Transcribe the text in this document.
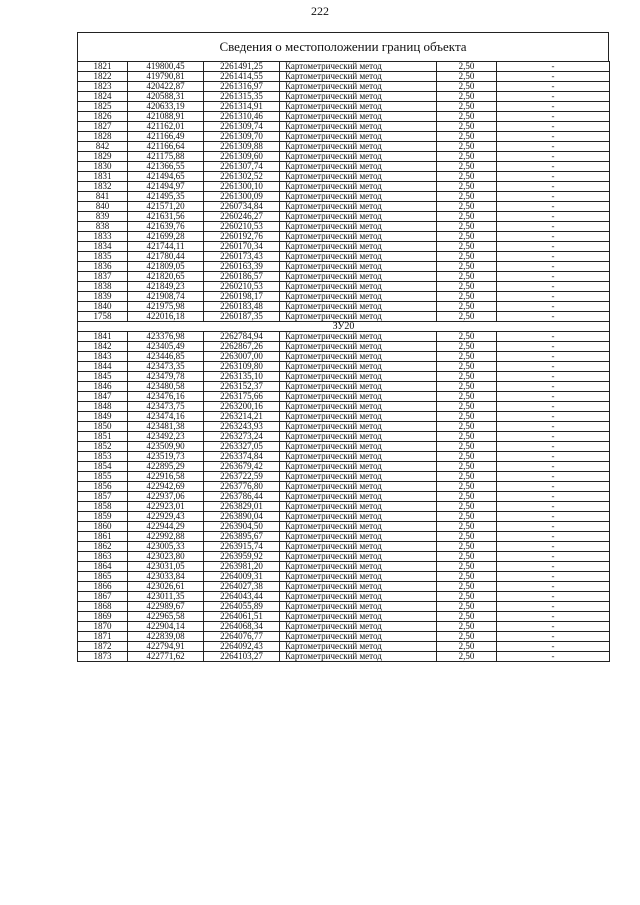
222
Сведения о местоположении границ объекта
1821	419800,45	2261491,25	Картометрический метод	2,50	-
1822	419790,81	2261414,55	Картометрический метод	2,50	-
1823	420422,87	2261316,97	Картометрический метод	2,50	-
1824	420588,31	2261315,35	Картометрический метод	2,50	-
1825	420633,19	2261314,91	Картометрический метод	2,50	-
1826	421088,91	2261310,46	Картометрический метод	2,50	-
1827	421162,01	2261309,74	Картометрический метод	2,50	-
1828	421166,49	2261309,70	Картометрический метод	2,50	-
842	421166,64	2261309,88	Картометрический метод	2,50	-
1829	421175,88	2261309,60	Картометрический метод	2,50	-
1830	421366,55	2261307,74	Картометрический метод	2,50	-
1831	421494,65	2261302,52	Картометрический метод	2,50	-
1832	421494,97	2261300,10	Картометрический метод	2,50	-
841	421495,35	2261300,09	Картометрический метод	2,50	-
840	421571,20	2260734,84	Картометрический метод	2,50	-
839	421631,56	2260246,27	Картометрический метод	2,50	-
838	421639,76	2260210,53	Картометрический метод	2,50	-
1833	421699,28	2260192,76	Картометрический метод	2,50	-
1834	421744,11	2260170,34	Картометрический метод	2,50	-
1835	421780,44	2260173,43	Картометрический метод	2,50	-
1836	421809,05	2260163,39	Картометрический метод	2,50	-
1837	421820,65	2260186,57	Картометрический метод	2,50	-
1838	421849,23	2260210,53	Картометрический метод	2,50	-
1839	421908,74	2260198,17	Картометрический метод	2,50	-
1840	421975,98	2260183,48	Картометрический метод	2,50	-
1758	422016,18	2260187,35	Картометрический метод	2,50	-
ЗУ20					
1841	423376,98	2262784,94	Картометрический метод	2,50	-
1842	423405,49	2262867,26	Картометрический метод	2,50	-
1843	423446,85	2263007,00	Картометрический метод	2,50	-
1844	423473,35	2263109,80	Картометрический метод	2,50	-
1845	423479,78	2263135,10	Картометрический метод	2,50	-
1846	423480,58	2263152,37	Картометрический метод	2,50	-
1847	423476,16	2263175,66	Картометрический метод	2,50	-
1848	423473,75	2263200,16	Картометрический метод	2,50	-
1849	423474,16	2263214,21	Картометрический метод	2,50	-
1850	423481,38	2263243,93	Картометрический метод	2,50	-
1851	423492,23	2263273,24	Картометрический метод	2,50	-
1852	423509,90	2263327,05	Картометрический метод	2,50	-
1853	423519,73	2263374,84	Картометрический метод	2,50	-
1854	422895,29	2263679,42	Картометрический метод	2,50	-
1855	422916,58	2263722,59	Картометрический метод	2,50	-
1856	422942,69	2263776,80	Картометрический метод	2,50	-
1857	422937,06	2263786,44	Картометрический метод	2,50	-
1858	422923,01	2263829,01	Картометрический метод	2,50	-
1859	422929,43	2263890,04	Картометрический метод	2,50	-
1860	422944,29	2263904,50	Картометрический метод	2,50	-
1861	422992,88	2263895,67	Картометрический метод	2,50	-
1862	423005,33	2263915,74	Картометрический метод	2,50	-
1863	423023,80	2263959,92	Картометрический метод	2,50	-
1864	423031,05	2263981,20	Картометрический метод	2,50	-
1865	423033,84	2264009,31	Картометрический метод	2,50	-
1866	423026,61	2264027,38	Картометрический метод	2,50	-
1867	423011,35	2264043,44	Картометрический метод	2,50	-
1868	422989,67	2264055,89	Картометрический метод	2,50	-
1869	422965,58	2264061,51	Картометрический метод	2,50	-
1870	422904,14	2264068,34	Картометрический метод	2,50	-
1871	422839,08	2264076,77	Картометрический метод	2,50	-
1872	422794,91	2264092,43	Картометрический метод	2,50	-
1873	422771,62	2264103,27	Картометрический метод	2,50	-
